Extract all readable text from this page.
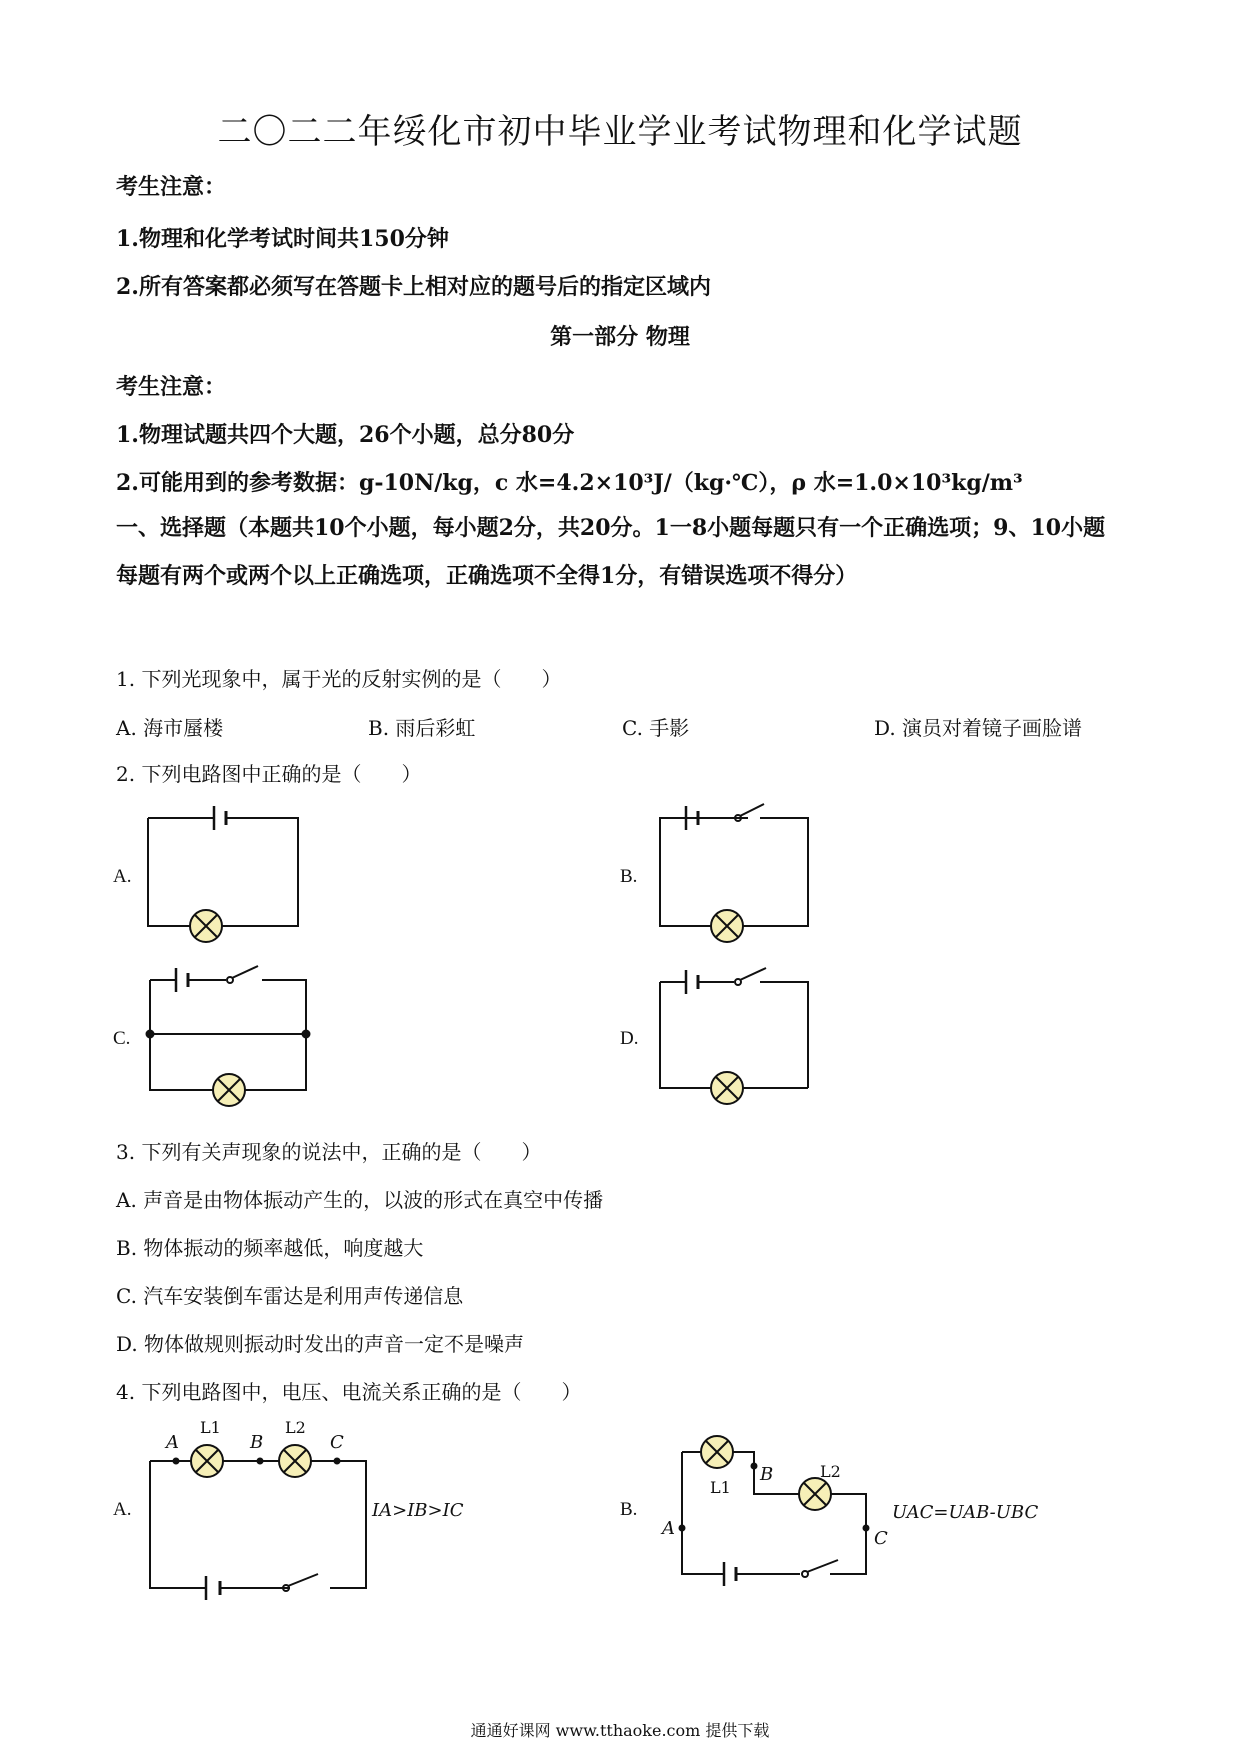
二〇二二年绥化市初中毕业学业考试物理和化学试题
考生注意：
1.物理和化学考试时间共150分钟
2.所有答案都必须写在答题卡上相对应的题号后的指定区域内
第一部分 物理
考生注意：
1.物理试题共四个大题，26个小题，总分80分
2.可能用到的参考数据：g-10N/kg，c 水=4.2×10³J/（kg·℃），ρ 水=1.0×10³kg/m³
一、选择题（本题共10个小题，每小题2分，共20分。1一8小题每题只有一个正确选项；9、10小题每题有两个或两个以上正确选项，正确选项不全得1分，有错误选项不得分）
1. 下列光现象中，属于光的反射实例的是（　　）
A. 海市蜃楼	B. 雨后彩虹	C. 手影	D. 演员对着镜子画脸谱
2. 下列电路图中正确的是（　　）
A.	B.
C.	D.
3. 下列有关声现象的说法中，正确的是（　　）
A. 声音是由物体振动产生的，以波的形式在真空中传播
B. 物体振动的频率越低，响度越大
C. 汽车安装倒车雷达是利用声传递信息
D. 物体做规则振动时发出的声音一定不是噪声
4. 下列电路图中，电压、电流关系正确的是（　　）
A.	B.
A	B	C
L1	L2
IA>IB>IC
A
B
C
L1
L2
UAC=UAB-UBC
通通好课网 www.tthaoke.com 提供下载
